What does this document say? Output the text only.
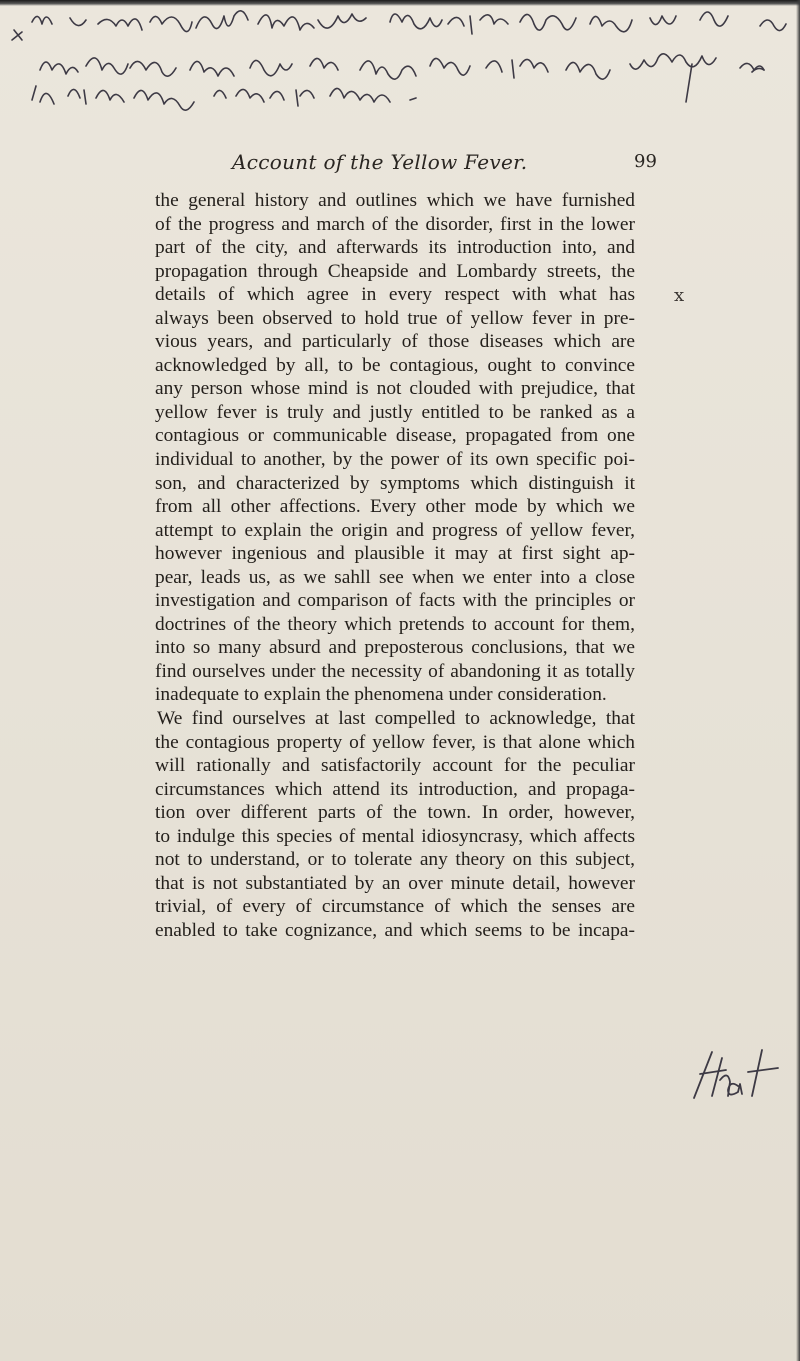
Account of the Yellow Fever.	99
the general history and outlines which we have furnished
of the progress and march of the disorder, first in the lower
part of the city, and afterwards its introduction into, and
propagation through Cheapside and Lombardy streets, the
details of which agree in every respect with what has
always been observed to hold true of yellow fever in pre-
vious years, and particularly of those diseases which are
acknowledged by all, to be contagious, ought to convince
any person whose mind is not clouded with prejudice, that
yellow fever is truly and justly entitled to be ranked as a
contagious or communicable disease, propagated from one
individual to another, by the power of its own specific poi-
son, and characterized by symptoms which distinguish it
from all other affections. Every other mode by which we
attempt to explain the origin and progress of yellow fever,
however ingenious and plausible it may at first sight ap-
pear, leads us, as we sahll see when we enter into a close
investigation and comparison of facts with the principles or
doctrines of the theory which pretends to account for them,
into so many absurd and preposterous conclusions, that we
find ourselves under the necessity of abandoning it as totally
inadequate to explain the phenomena under consideration.
We find ourselves at last compelled to acknowledge, that
the contagious property of yellow fever, is that alone which
will rationally and satisfactorily account for the peculiar
circumstances which attend its introduction, and propaga-
tion over different parts of the town. In order, however,
to indulge this species of mental idiosyncrasy, which affects
not to understand, or to tolerate any theory on this subject,
that is not substantiated by an over minute detail, however
trivial, of every of circumstance of which the senses are
enabled to take cognizance, and which seems to be incapa-
x
